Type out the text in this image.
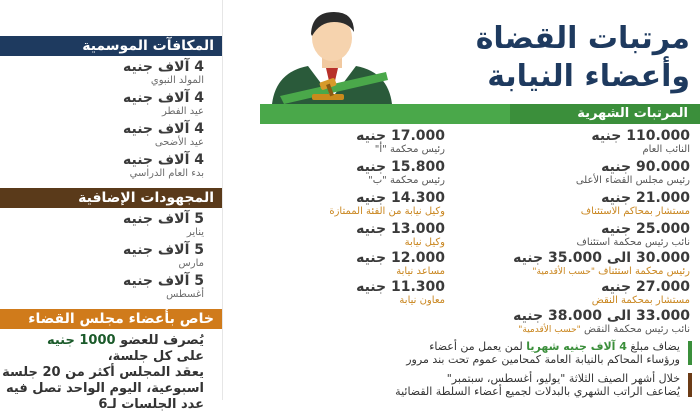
المكافآت الموسمية
4 آلاف جنيه
المولد النبوي
4 آلاف جنيه
عيد الفطر
4 آلاف جنيه
عيد الأضحى
4 آلاف جنيه
بدء العام الدراسي
المجهودات الإضافية
5 آلاف جنيه
يناير
5 آلاف جنيه
مارس
5 آلاف جنيه
أغسطس
خاص بأعضاء مجلس القضاء
يُصرف للعضو 1000 جنيه
على كل جلسة،
يعقد المجلس أكثر من 20 جلسة
اسبوعية، اليوم الواحد تصل فيه
عدد الجلسات لـ6
مرتبات القضاة
وأعضاء النيابة
المرتبات الشهرية
110.000 جنيه
النائب العام
90.000 جنيه
رئيس مجلس القضاء الأعلى
21.000 جنيه
مستشار بمحاكم الاستئناف
25.000 جنيه
نائب رئيس محكمة استئناف
30.000 الى 35.000 جنيه
رئيس محكمة استئناف "حسب الأقدمية"
27.000 جنيه
مستشار بمحكمة النقض
33.000 الى 38.000 جنيه
نائب رئيس محكمة النقض "حسب الأقدمية"
17.000 جنيه
رئيس محكمة "أ"
15.800 جنيه
رئيس محكمة "ب"
14.300 جنيه
وكيل نيابة من الفئة الممتازة
13.000 جنيه
وكيل نيابة
12.000 جنيه
مساعد نيابة
11.300 جنيه
معاون نيابة
يضاف مبلغ 4 آلاف جنيه شهريا لمن يعمل من أعضاء
ورؤساء المحاكم بالنيابة العامة كمحامين عموم تحت بند مرور
خلال أشهر الصيف الثلاثة "يوليو، أغسطس، سبتمبر"
يُضاعف الراتب الشهري بالبدلات لجميع أعضاء السلطة القضائية
